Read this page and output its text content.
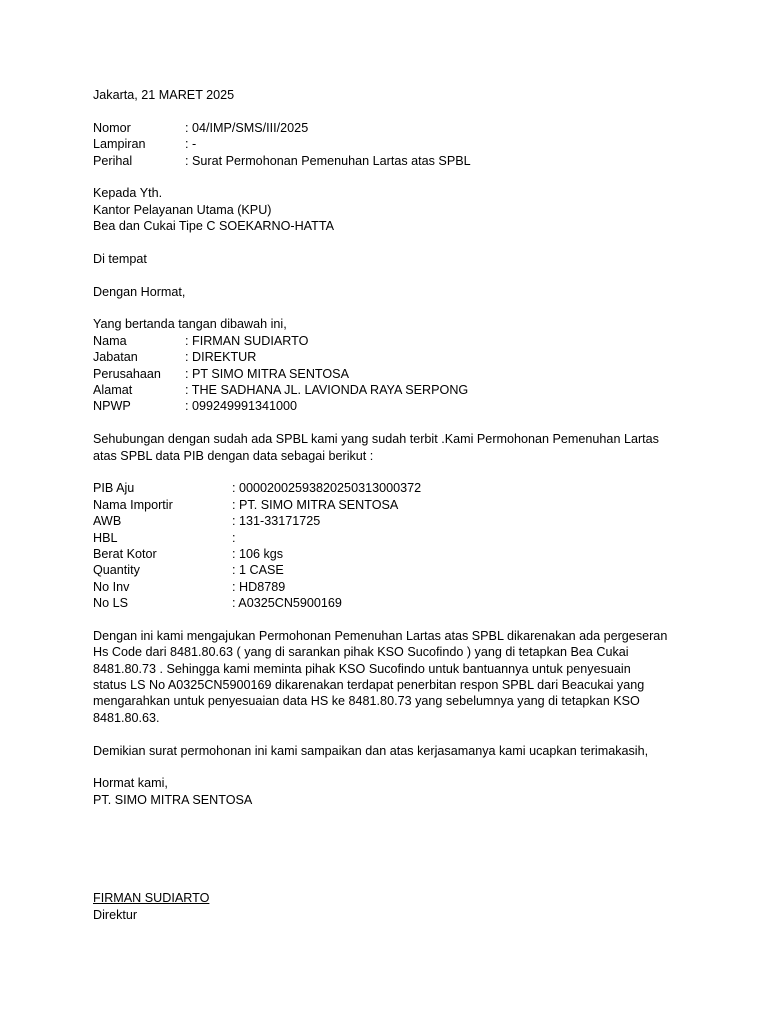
Jakarta, 21 MARET 2025
Nomor	: 04/IMP/SMS/III/2025
Lampiran	: -
Perihal	: Surat Permohonan Pemenuhan Lartas atas SPBL
Kepada Yth.
Kantor Pelayanan Utama (KPU)
Bea dan Cukai Tipe C SOEKARNO-HATTA
Di tempat
Dengan Hormat,
Yang bertanda tangan dibawah ini,
Nama	: FIRMAN SUDIARTO
Jabatan	: DIREKTUR
Perusahaan	: PT SIMO MITRA SENTOSA
Alamat	: THE SADHANA JL. LAVIONDA RAYA SERPONG
NPWP	: 099249991341000
Sehubungan dengan sudah ada SPBL kami yang sudah terbit .Kami Permohonan Pemenuhan Lartas
atas SPBL data PIB dengan data sebagai berikut :
PIB Aju	: 00002002593820250313000372
Nama Importir	: PT. SIMO MITRA SENTOSA
AWB	: 131-33171725
HBL	:
Berat Kotor	: 106 kgs
Quantity	: 1 CASE
No Inv	: HD8789
No LS	: A0325CN5900169
Dengan ini kami mengajukan Permohonan Pemenuhan Lartas atas SPBL dikarenakan ada pergeseran
Hs Code dari 8481.80.63 ( yang di sarankan pihak KSO Sucofindo ) yang di tetapkan Bea Cukai
8481.80.73 . Sehingga kami meminta pihak KSO Sucofindo untuk bantuannya untuk penyesuain
status LS No A0325CN5900169 dikarenakan terdapat penerbitan respon SPBL dari Beacukai yang
mengarahkan untuk penyesuaian data HS ke 8481.80.73 yang sebelumnya yang di tetapkan KSO
8481.80.63.
Demikian surat permohonan ini kami sampaikan dan atas kerjasamanya kami ucapkan terimakasih,
Hormat kami,
PT. SIMO MITRA SENTOSA
FIRMAN SUDIARTO
Direktur
